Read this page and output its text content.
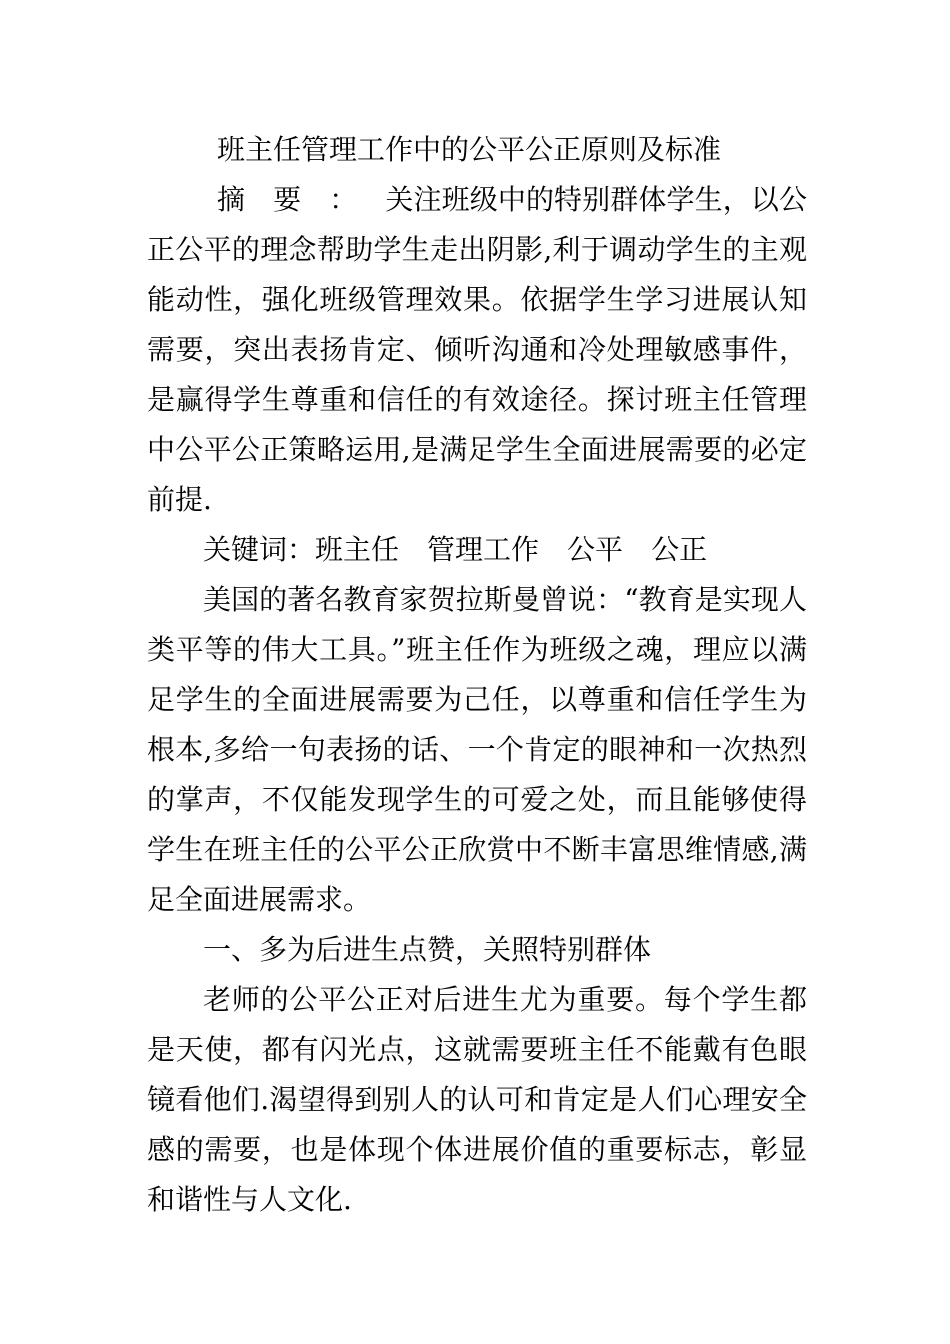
班主任管理工作中的公平公正原则及标准

摘要：关注班级中的特别群体学生，以公正公平的理念帮助学生走出阴影,利于调动学生的主观能动性，强化班级管理效果。依据学生学习进展认知需要，突出表扬肯定、倾听沟通和冷处理敏感事件，是赢得学生尊重和信任的有效途径。探讨班主任管理中公平公正策略运用,是满足学生全面进展需要的必定前提.

关键词：班主任 管理工作 公平 公正

美国的著名教育家贺拉斯曼曾说：“教育是实现人类平等的伟大工具。”班主任作为班级之魂，理应以满足学生的全面进展需要为己任，以尊重和信任学生为根本,多给一句表扬的话、一个肯定的眼神和一次热烈的掌声，不仅能发现学生的可爱之处，而且能够使得学生在班主任的公平公正欣赏中不断丰富思维情感,满足全面进展需求。

一、多为后进生点赞，关照特别群体

老师的公平公正对后进生尤为重要。每个学生都是天使，都有闪光点，这就需要班主任不能戴有色眼镜看他们.渴望得到别人的认可和肯定是人们心理安全感的需要，也是体现个体进展价值的重要标志，彰显和谐性与人文化.
